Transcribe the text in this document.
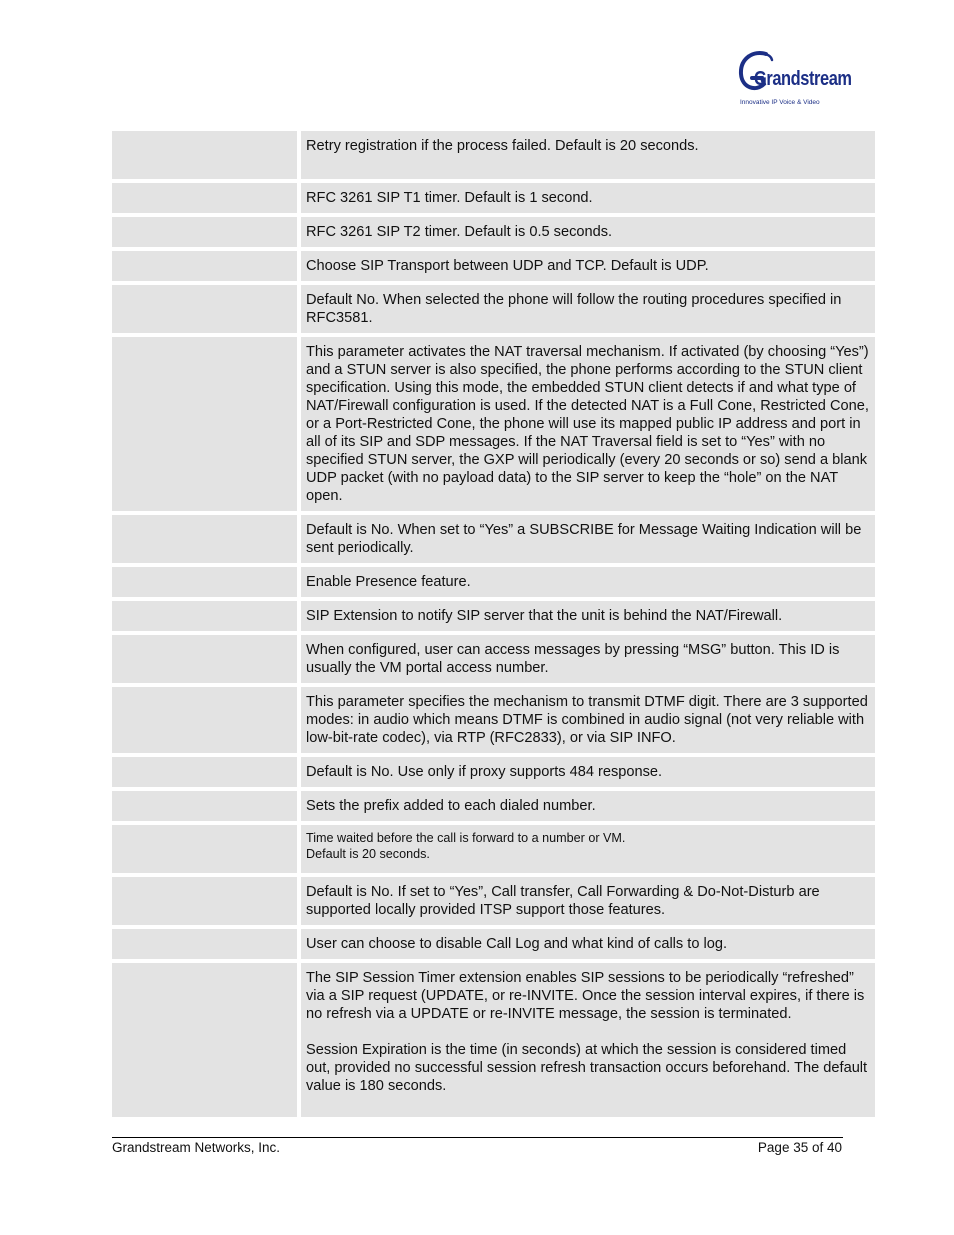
Grandstream
Innovative IP Voice & Video

Retry registration if the process failed. Default is 20 seconds.

RFC 3261 SIP T1 timer. Default is 1 second.

RFC 3261 SIP T2 timer. Default is 0.5 seconds.

Choose SIP Transport between UDP and TCP. Default is UDP.

Default No. When selected the phone will follow the routing procedures specified in RFC3581.

This parameter activates the NAT traversal mechanism. If activated (by choosing “Yes”) and a STUN server is also specified, the phone performs according to the STUN client specification. Using this mode, the embedded STUN client detects if and what type of NAT/Firewall configuration is used. If the detected NAT is a Full Cone, Restricted Cone, or a Port-Restricted Cone, the phone will use its mapped public IP address and port in all of its SIP and SDP messages. If the NAT Traversal field is set to “Yes” with no specified STUN server, the GXP will periodically (every 20 seconds or so) send a blank UDP packet (with no payload data) to the SIP server to keep the “hole” on the NAT open.

Default is No. When set to “Yes” a SUBSCRIBE for Message Waiting Indication will be sent periodically.

Enable Presence feature.

SIP Extension to notify SIP server that the unit is behind the NAT/Firewall.

When configured, user can access messages by pressing “MSG” button. This ID is usually the VM portal access number.

This parameter specifies the mechanism to transmit DTMF digit. There are 3 supported modes: in audio which means DTMF is combined in audio signal (not very reliable with low-bit-rate codec), via RTP (RFC2833), or via SIP INFO.

Default is No. Use only if proxy supports 484 response.

Sets the prefix added to each dialed number.

Time waited before the call is forward to a number or VM.

Default is 20 seconds.

Default is No. If set to “Yes”, Call transfer, Call Forwarding & Do-Not-Disturb are supported locally provided ITSP support those features.

User can choose to disable Call Log and what kind of calls to log.

The SIP Session Timer extension enables SIP sessions to be periodically “refreshed” via a SIP request (UPDATE, or re-INVITE. Once the session interval expires, if there is no refresh via a UPDATE or re-INVITE message, the session is terminated.

Session Expiration is the time (in seconds) at which the session is considered timed out, provided no successful session refresh transaction occurs beforehand. The default value is 180 seconds.

Grandstream Networks, Inc.	Page 35 of 40
